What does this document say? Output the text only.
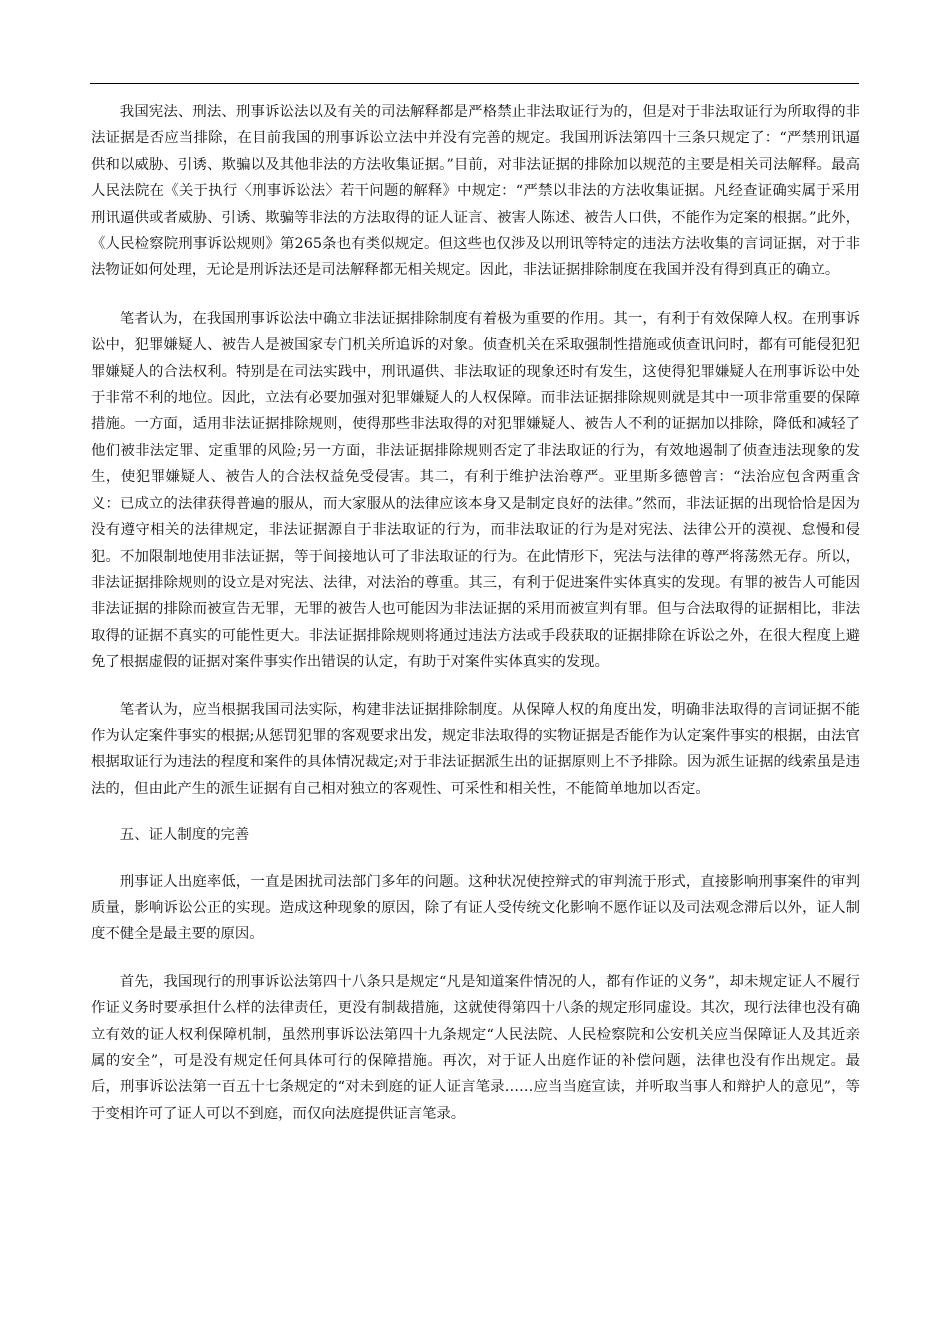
我国宪法、刑法、刑事诉讼法以及有关的司法解释都是严格禁止非法取证行为的，但是对于非法取证行为所取得的非法证据是否应当排除，在目前我国的刑事诉讼立法中并没有完善的规定。我国刑诉法第四十三条只规定了：“严禁刑讯逼供和以威胁、引诱、欺骗以及其他非法的方法收集证据。”目前，对非法证据的排除加以规范的主要是相关司法解释。最高人民法院在《关于执行〈刑事诉讼法〉若干问题的解释》中规定：“严禁以非法的方法收集证据。凡经查证确实属于采用刑讯逼供或者威胁、引诱、欺骗等非法的方法取得的证人证言、被害人陈述、被告人口供，不能作为定案的根据。”此外，《人民检察院刑事诉讼规则》第265条也有类似规定。但这些也仅涉及以刑讯等特定的违法方法收集的言词证据，对于非法物证如何处理，无论是刑诉法还是司法解释都无相关规定。因此，非法证据排除制度在我国并没有得到真正的确立。

笔者认为，在我国刑事诉讼法中确立非法证据排除制度有着极为重要的作用。其一，有利于有效保障人权。在刑事诉讼中，犯罪嫌疑人、被告人是被国家专门机关所追诉的对象。侦查机关在采取强制性措施或侦查讯问时，都有可能侵犯犯罪嫌疑人的合法权利。特别是在司法实践中，刑讯逼供、非法取证的现象还时有发生，这使得犯罪嫌疑人在刑事诉讼中处于非常不利的地位。因此，立法有必要加强对犯罪嫌疑人的人权保障。而非法证据排除规则就是其中一项非常重要的保障措施。一方面，适用非法证据排除规则，使得那些非法取得的对犯罪嫌疑人、被告人不利的证据加以排除，降低和减轻了他们被非法定罪、定重罪的风险;另一方面，非法证据排除规则否定了非法取证的行为，有效地遏制了侦查违法现象的发生，使犯罪嫌疑人、被告人的合法权益免受侵害。其二，有利于维护法治尊严。亚里斯多德曾言：“法治应包含两重含义：已成立的法律获得普遍的服从，而大家服从的法律应该本身又是制定良好的法律。”然而，非法证据的出现恰恰是因为没有遵守相关的法律规定，非法证据源自于非法取证的行为，而非法取证的行为是对宪法、法律公开的漠视、怠慢和侵犯。不加限制地使用非法证据，等于间接地认可了非法取证的行为。在此情形下，宪法与法律的尊严将荡然无存。所以，非法证据排除规则的设立是对宪法、法律，对法治的尊重。其三，有利于促进案件实体真实的发现。有罪的被告人可能因非法证据的排除而被宣告无罪，无罪的被告人也可能因为非法证据的采用而被宣判有罪。但与合法取得的证据相比，非法取得的证据不真实的可能性更大。非法证据排除规则将通过违法方法或手段获取的证据排除在诉讼之外，在很大程度上避免了根据虚假的证据对案件事实作出错误的认定，有助于对案件实体真实的发现。

笔者认为，应当根据我国司法实际，构建非法证据排除制度。从保障人权的角度出发，明确非法取得的言词证据不能作为认定案件事实的根据;从惩罚犯罪的客观要求出发，规定非法取得的实物证据是否能作为认定案件事实的根据，由法官根据取证行为违法的程度和案件的具体情况裁定;对于非法证据派生出的证据原则上不予排除。因为派生证据的线索虽是违法的，但由此产生的派生证据有自己相对独立的客观性、可采性和相关性，不能简单地加以否定。

五、证人制度的完善

刑事证人出庭率低，一直是困扰司法部门多年的问题。这种状况使控辩式的审判流于形式，直接影响刑事案件的审判质量，影响诉讼公正的实现。造成这种现象的原因，除了有证人受传统文化影响不愿作证以及司法观念滞后以外，证人制度不健全是最主要的原因。

首先，我国现行的刑事诉讼法第四十八条只是规定“凡是知道案件情况的人，都有作证的义务”，却未规定证人不履行作证义务时要承担什么样的法律责任，更没有制裁措施，这就使得第四十八条的规定形同虚设。其次，现行法律也没有确立有效的证人权利保障机制，虽然刑事诉讼法第四十九条规定“人民法院、人民检察院和公安机关应当保障证人及其近亲属的安全”，可是没有规定任何具体可行的保障措施。再次，对于证人出庭作证的补偿问题，法律也没有作出规定。最后，刑事诉讼法第一百五十七条规定的“对未到庭的证人证言笔录……应当当庭宣读，并听取当事人和辩护人的意见”，等于变相许可了证人可以不到庭，而仅向法庭提供证言笔录。
